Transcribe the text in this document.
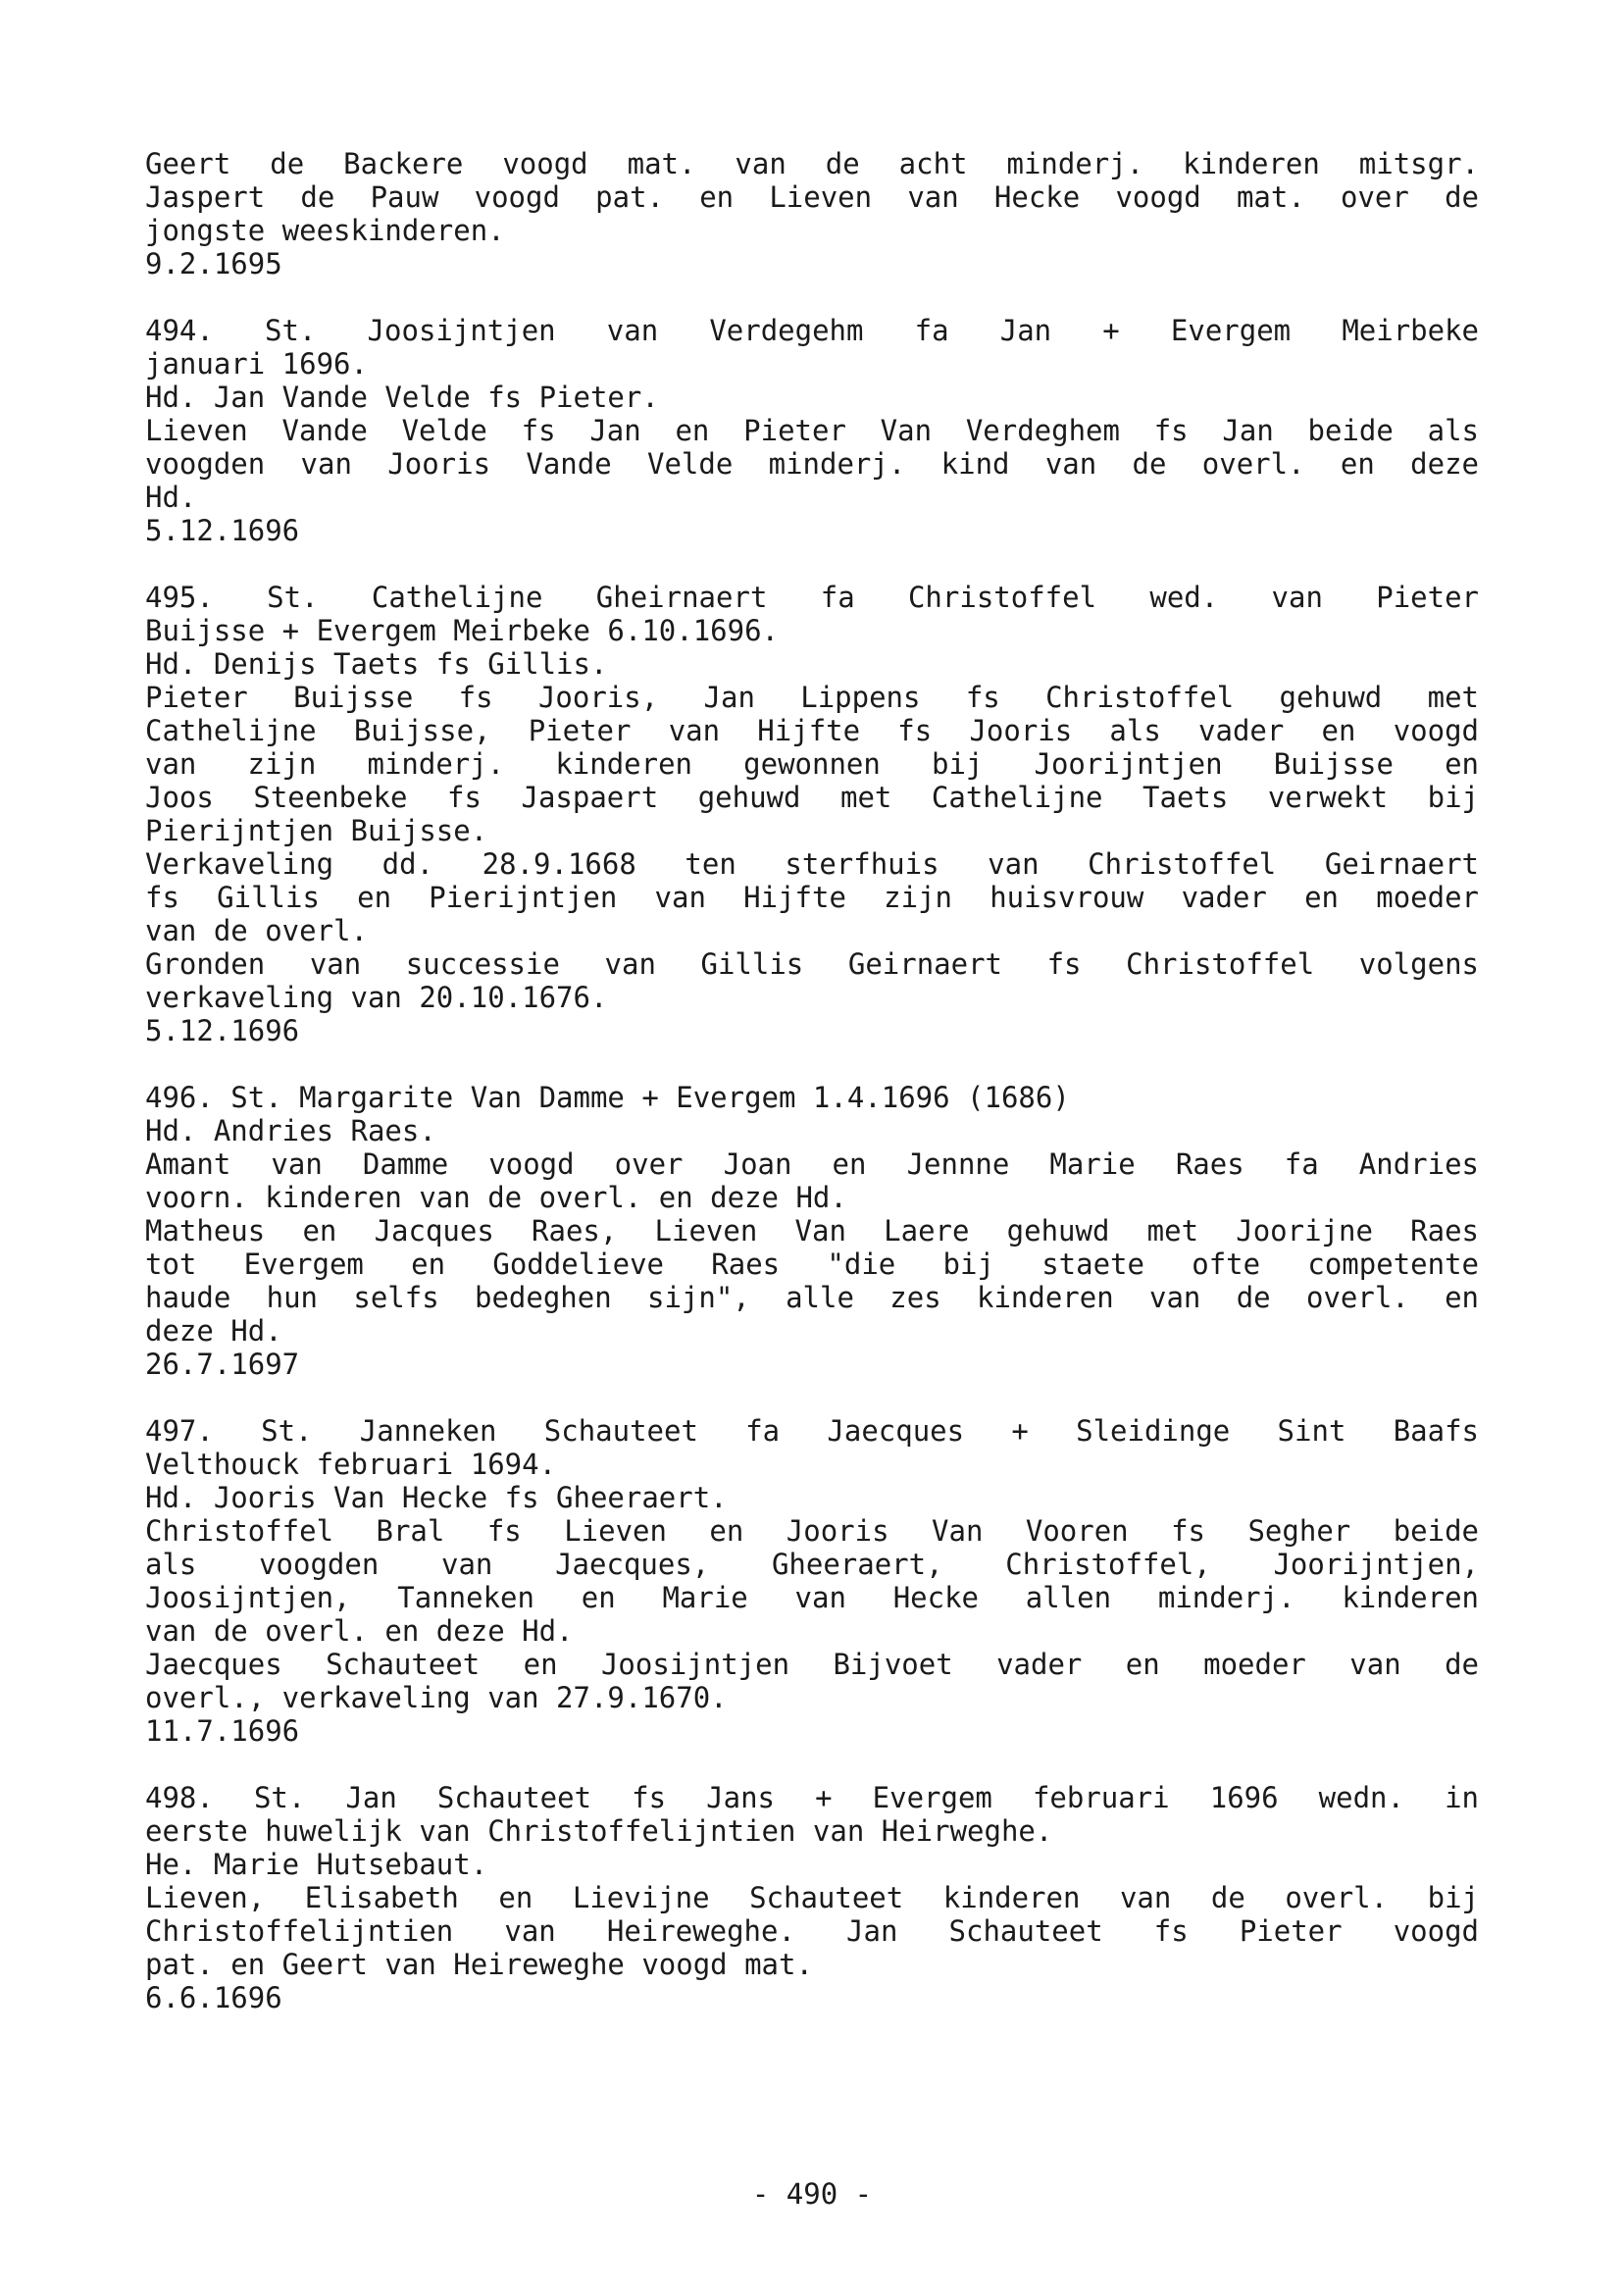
Geert de Backere voogd mat. van de acht minderj. kinderen mitsgr.
Jaspert de Pauw voogd pat. en Lieven van Hecke voogd mat. over de
jongste weeskinderen.
9.2.1695
494. St. Joosijntjen van Verdegehm fa Jan + Evergem Meirbeke
januari 1696.
Hd. Jan Vande Velde fs Pieter.
Lieven Vande Velde fs Jan en Pieter Van Verdeghem fs Jan beide als
voogden van Jooris Vande Velde minderj. kind van de overl. en deze
Hd.
5.12.1696
495. St. Cathelijne Gheirnaert fa Christoffel wed. van Pieter
Buijsse + Evergem Meirbeke 6.10.1696.
Hd. Denijs Taets fs Gillis.
Pieter Buijsse fs Jooris, Jan Lippens fs Christoffel gehuwd met
Cathelijne Buijsse, Pieter van Hijfte fs Jooris als vader en voogd
van zijn minderj. kinderen gewonnen bij Joorijntjen Buijsse en
Joos Steenbeke fs Jaspaert gehuwd met Cathelijne Taets verwekt bij
Pierijntjen Buijsse.
Verkaveling dd. 28.9.1668 ten sterfhuis van Christoffel Geirnaert
fs Gillis en Pierijntjen van Hijfte zijn huisvrouw vader en moeder
van de overl.
Gronden van successie van Gillis Geirnaert fs Christoffel volgens
verkaveling van 20.10.1676.
5.12.1696
496. St. Margarite Van Damme + Evergem 1.4.1696 (1686)
Hd. Andries Raes.
Amant van Damme voogd over Joan en Jennne Marie Raes fa Andries
voorn. kinderen van de overl. en deze Hd.
Matheus en Jacques Raes, Lieven Van Laere gehuwd met Joorijne Raes
tot Evergem en Goddelieve Raes "die bij staete ofte competente
haude hun selfs bedeghen sijn", alle zes kinderen van de overl. en
deze Hd.
26.7.1697
497. St. Janneken Schauteet fa Jaecques + Sleidinge Sint Baafs
Velthouck februari 1694.
Hd. Jooris Van Hecke fs Gheeraert.
Christoffel Bral fs Lieven en Jooris Van Vooren fs Segher beide
als voogden van Jaecques, Gheeraert, Christoffel, Joorijntjen,
Joosijntjen, Tanneken en Marie van Hecke allen minderj. kinderen
van de overl. en deze Hd.
Jaecques Schauteet en Joosijntjen Bijvoet vader en moeder van de
overl., verkaveling van 27.9.1670.
11.7.1696
498. St. Jan Schauteet fs Jans + Evergem februari 1696 wedn. in
eerste huwelijk van Christoffelijntien van Heirweghe.
He. Marie Hutsebaut.
Lieven, Elisabeth en Lievijne Schauteet kinderen van de overl. bij
Christoffelijntien van Heireweghe. Jan Schauteet fs Pieter voogd
pat. en Geert van Heireweghe voogd mat.
6.6.1696
- 490 -
